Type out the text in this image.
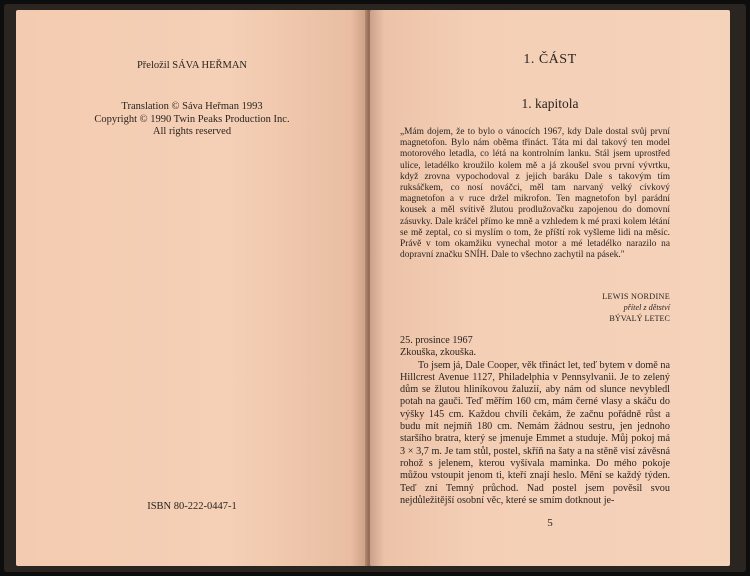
Přeložil SÁVA HEŘMAN
Translation © Sáva Heřman 1993
Copyright © 1990 Twin Peaks Production Inc.
All rights reserved
ISBN 80-222-0447-1
1. ČÁST
1. kapitola
„Mám dojem, že to bylo o vánocích 1967, kdy Dale dostal svůj první magnetofon. Bylo nám oběma třináct. Táta mi dal takový ten model motorového letadla, co létá na kontrolním lanku. Stál jsem uprostřed ulice, letadélko kroužilo kolem mě a já zkoušel svou první vývrtku, když zrovna vypochodoval z jejich baráku Dale s takovým tím ruksáčkem, co nosí nováčci, měl tam narvaný velký cívkový magnetofon a v ruce držel mikrofon. Ten magnetofon byl parádní kousek a měl svítivě žlutou prodlužovačku zapojenou do domovní zásuvky. Dale kráčel přímo ke mně a vzhledem k mé praxi kolem létání se mě zeptal, co si myslím o tom, že příští rok vyšleme lidi na měsíc. Právě v tom okamžiku vynechal motor a mé letadélko narazilo na dopravní značku SNÍH. Dale to všechno zachytil na pásek."
LEWIS NORDINE
přítel z dětství
BÝVALÝ LETEC
25. prosince 1967
Zkouška, zkouška.
To jsem já, Dale Cooper, věk třináct let, teď bytem v domě na Hillcrest Avenue 1127, Philadelphia v Pennsylvanii. Je to zelený dům se žlutou hliníkovou žaluzií, aby nám od slunce nevybledl potah na gauči. Teď měřím 160 cm, mám černé vlasy a skáču do výšky 145 cm. Každou chvíli čekám, že začnu pořádně růst a budu mít nejmíň 180 cm. Nemám žádnou sestru, jen jednoho staršího bratra, který se jmenuje Emmet a studuje. Můj pokoj má 3 × 3,7 m. Je tam stůl, postel, skříň na šaty a na stěně visí závěsná rohož s jelenem, kterou vyšívala maminka. Do mého pokoje můžou vstoupit jenom ti, kteří znají heslo. Mění se každý týden. Teď zní Temný průchod. Nad postel jsem pověsil svou nejdůležitější osobní věc, které se smím dotknout je-
5
